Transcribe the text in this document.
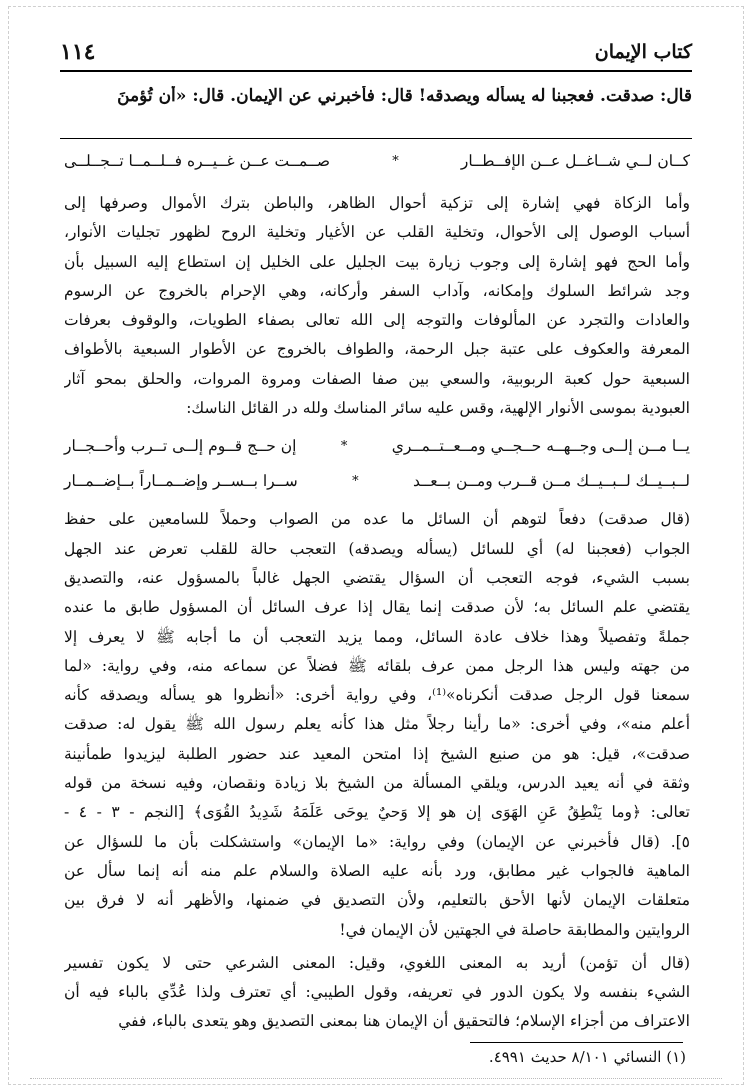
١١٤	كتاب الإيمان
قال: صدقت. فعجبنا له يسأله ويصدقه! قال: فأخبرني عن الإيمان. قال: «أن تُؤمنَ
كــان لــي شــاغــل عــن الإفــطــار
*
صــمــت عــن غــيــره فــلــمــا تــجــلــى
وأما الزكاة فهي إشارة إلى تزكية أحوال الظاهر، والباطن بترك الأموال وصرفها إلى
أسباب الوصول إلى الأحوال، وتخلية القلب عن الأغيار وتخلية الروح لظهور تجليات الأنوار،
وأما الحج فهو إشارة إلى وجوب زيارة بيت الجليل على الخليل إن استطاع إليه السبيل بأن
وجد شرائط السلوك وإمكانه، وآداب السفر وأركانه، وهي الإحرام بالخروج عن الرسوم
والعادات والتجرد عن المألوفات والتوجه إلى الله تعالى بصفاء الطويات، والوقوف بعرفات
المعرفة والعكوف على عتبة جبل الرحمة، والطواف بالخروج عن الأطوار السبعية بالأطواف
السبعية حول كعبة الربوبية، والسعي بين صفا الصفات ومروة المروات، والحلق بمحو آثار
العبودية بموسى الأنوار الإلهية، وقس عليه سائر المناسك ولله در القائل الناسك:
يــا مــن إلــى وجــهــه حــجــي ومــعــتــمــري
*
إن حــج قــوم إلــى تــرب وأحــجــار
لــبــيــك لــبــيــك مــن قــرب ومــن بــعــد
*
ســرا بــســر وإضــمــاراً بــإضــمــار
(قال صدقت) دفعاً لتوهم أن السائل ما عده من الصواب وحملاً للسامعين على حفظ
الجواب (فعجبنا له) أي للسائل (يسأله ويصدقه) التعجب حالة للقلب تعرض عند الجهل
بسبب الشيء، فوجه التعجب أن السؤال يقتضي الجهل غالباً بالمسؤول عنه، والتصديق
يقتضي علم السائل به؛ لأن صدقت إنما يقال إذا عرف السائل أن المسؤول طابق ما عنده
جملةً وتفصيلاً وهذا خلاف عادة السائل، ومما يزيد التعجب أن ما أجابه ﷺ لا يعرف إلا
من جهته وليس هذا الرجل ممن عرف بلقائه ﷺ فضلاً عن سماعه منه، وفي رواية: «لما
سمعنا قول الرجل صدقت أنكرناه»⁽¹⁾، وفي رواية أخرى: «أنظروا هو يسأله ويصدقه كأنه
أعلم منه»، وفي أخرى: «ما رأينا رجلاً مثل هذا كأنه يعلم رسول الله ﷺ يقول له: صدقت
صدقت»، قيل: هو من صنيع الشيخ إذا امتحن المعيد عند حضور الطلبة ليزيدوا طمأنينة
وثقة في أنه يعيد الدرس، ويلقي المسألة من الشيخ بلا زيادة ونقصان، وفيه نسخة من قوله
تعالى: ﴿وما يَنْطِقُ عَنِ الهَوَى إن هو إلا وَحيٌ يوحَى عَلَمَهُ شَدِيدُ القُوَى﴾ [النجم - ٣ - ٤ -
٥]. (قال فأخبرني عن الإيمان) وفي رواية: «ما الإيمان» واستشكلت بأن ما للسؤال عن
الماهية فالجواب غير مطابق، ورد بأنه عليه الصلاة والسلام علم منه أنه إنما سأل عن
متعلقات الإيمان لأنها الأحق بالتعليم، ولأن التصديق في ضمنها، والأظهر أنه لا فرق بين
الروايتين والمطابقة حاصلة في الجهتين لأن الإيمان في!
(قال أن تؤمن) أريد به المعنى اللغوي، وقيل: المعنى الشرعي حتى لا يكون تفسير
الشيء بنفسه ولا يكون الدور في تعريفه، وقول الطيبي: أي تعترف ولذا عُدِّي بالباء فيه أن
الاعتراف من أجزاء الإسلام؛ فالتحقيق أن الإيمان هنا بمعنى التصديق وهو يتعدى بالباء، ففي
(١) النسائي ٨/١٠١ حديث ٤٩٩١.
